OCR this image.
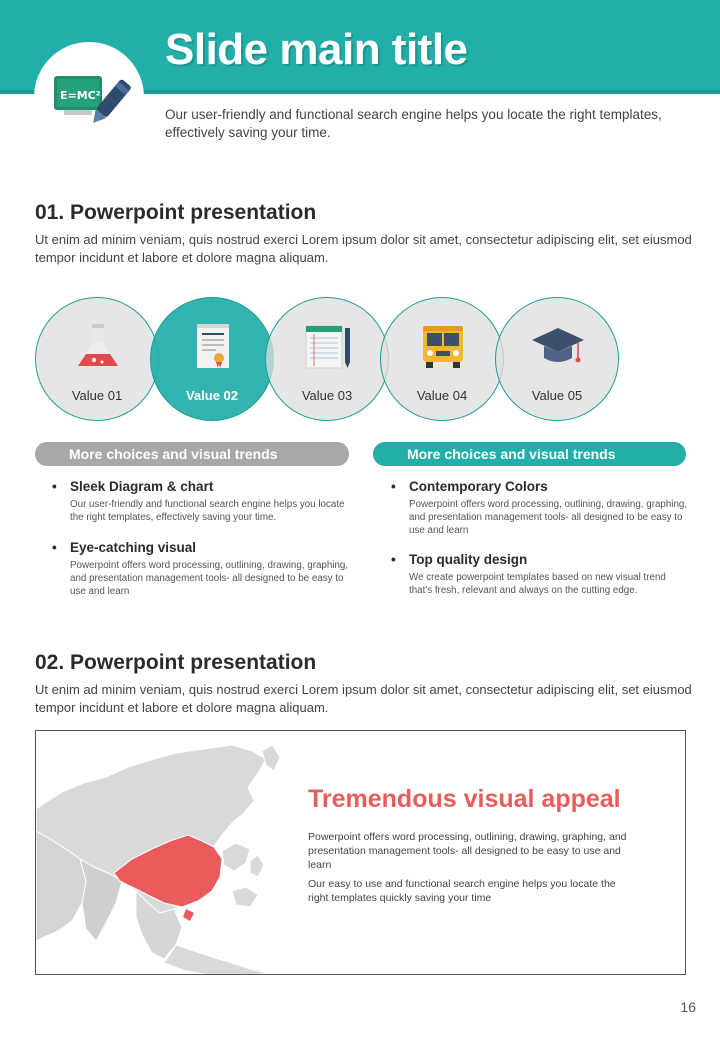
Slide main title
E=MC²
Our user-friendly and functional search engine helps you locate the right templates, effectively saving your time.
01. Powerpoint presentation
Ut enim ad minim veniam, quis nostrud exerci Lorem ipsum dolor sit amet, consectetur adipiscing elit, set eiusmod tempor incidunt et labore et dolore magna aliquam.
Value 01	Value 02	Value 03	Value 04	Value 05
More choices and visual trends	More choices and visual trends
• Sleek Diagram & chart
Our user-friendly and functional search engine helps you locate the right templates, effectively saving your time.
• Eye-catching visual
Powerpoint offers word processing, outlining, drawing, graphing, and presentation management tools- all designed to be easy to use and learn
• Contemporary Colors
Powerpoint offers word processing, outlining, drawing, graphing, and presentation management tools- all designed to be easy to use and learn
• Top quality design
We create powerpoint templates based on new visual trend that's fresh, relevant and always on the cutting edge.
02. Powerpoint presentation
Ut enim ad minim veniam, quis nostrud exerci Lorem ipsum dolor sit amet, consectetur adipiscing elit, set eiusmod tempor incidunt et labore et dolore magna aliquam.
Tremendous visual appeal
Powerpoint offers word processing, outlining, drawing, graphing, and presentation management tools- all designed to be easy to use and learn
Our easy to use and functional search engine helps you locate the right templates quickly saving your time
16
